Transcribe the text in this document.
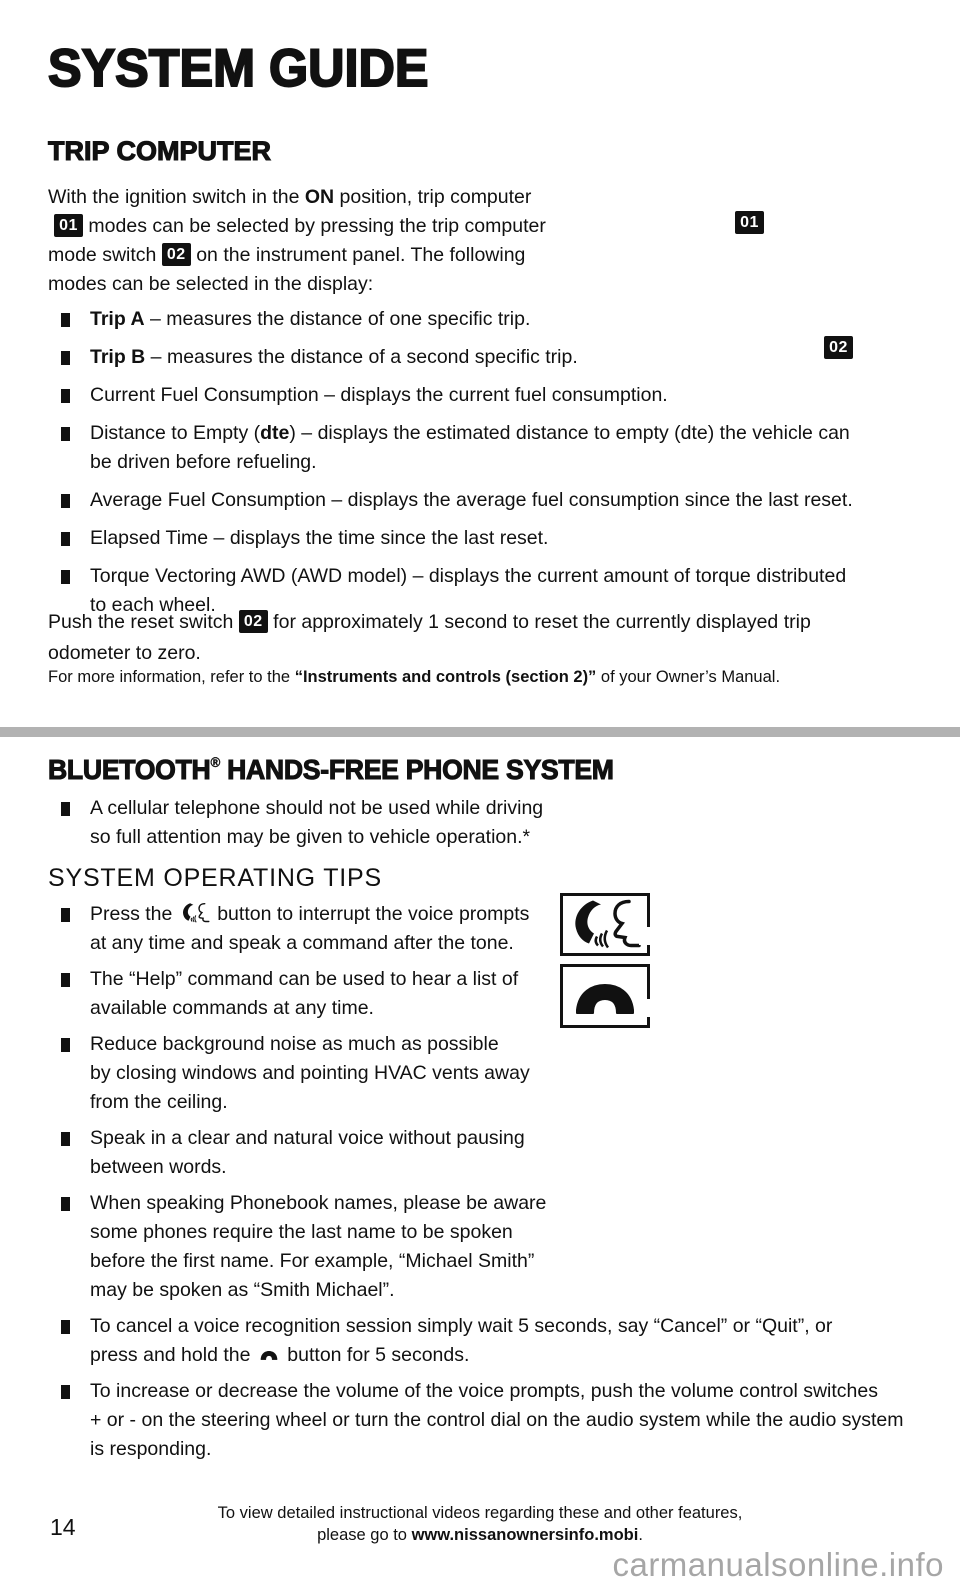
SYSTEM GUIDE
TRIP COMPUTER
With the ignition switch in the ON position, trip computer
01 modes can be selected by pressing the trip computer
mode switch 02 on the instrument panel. The following
modes can be selected in the display:
01
02
Trip A – measures the distance of one specific trip.
Trip B – measures the distance of a second specific trip.
Current Fuel Consumption – displays the current fuel consumption.
Distance to Empty (dte) – displays the estimated distance to empty (dte) the vehicle can
be driven before refueling.
Average Fuel Consumption – displays the average fuel consumption since the last reset.
Elapsed Time – displays the time since the last reset.
Torque Vectoring AWD (AWD model) – displays the current amount of torque distributed
to each wheel.
Push the reset switch 02 for approximately 1 second to reset the currently displayed trip
odometer to zero.
For more information, refer to the “Instruments and controls (section 2)” of your Owner’s Manual.
BLUETOOTH® HANDS-FREE PHONE SYSTEM
A cellular telephone should not be used while driving
so full attention may be given to vehicle operation.*
SYSTEM OPERATING TIPS
Press the  button to interrupt the voice prompts
at any time and speak a command after the tone.
The “Help” command can be used to hear a list of
available commands at any time.
Reduce background noise as much as possible
by closing windows and pointing HVAC vents away
from the ceiling.
Speak in a clear and natural voice without pausing
between words.
When speaking Phonebook names, please be aware
some phones require the last name to be spoken
before the first name. For example, “Michael Smith”
may be spoken as “Smith Michael”.
To cancel a voice recognition session simply wait 5 seconds, say “Cancel” or “Quit”, or
press and hold the  button for 5 seconds.
To increase or decrease the volume of the voice prompts, push the volume control switches
+ or - on the steering wheel or turn the control dial on the audio system while the audio system
is responding.
To view detailed instructional videos regarding these and other features,
please go to www.nissanownersinfo.mobi.
14
carmanualsonline.info
